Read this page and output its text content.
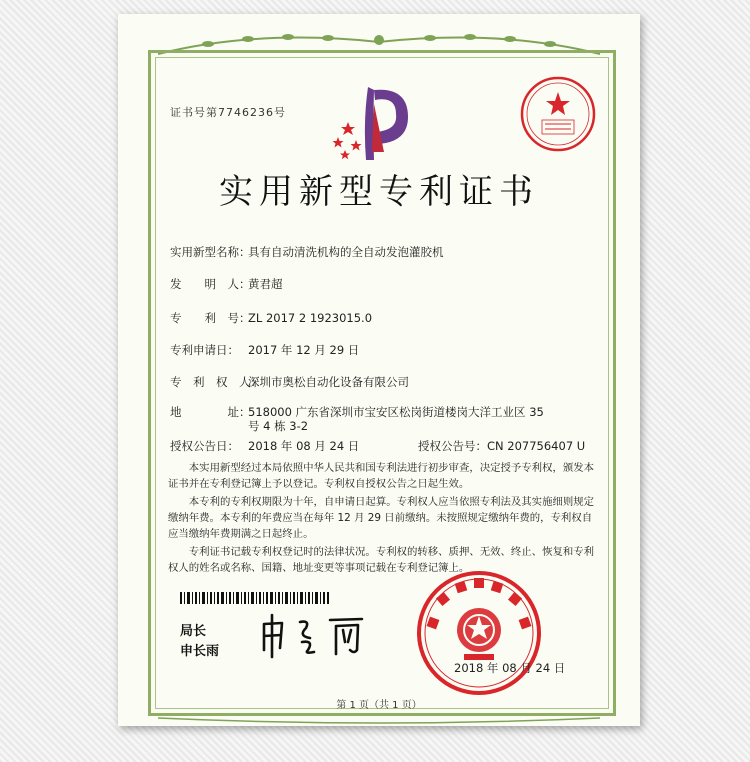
证书号第7746236号
实用新型专利证书
实用新型名称：具有自动清洗机构的全自动发泡灌胶机
发　　明　人：黄君超
专　　利　号：ZL 2017 2 1923015.0
专利申请日： 2017 年 12 月 29 日
专　利　权　人：深圳市奥松自动化设备有限公司
地　　　　址：518000 广东省深圳市宝安区松岗街道楼岗大洋工业区 35
号 4 栋 3-2
授权公告日： 2018 年 08 月 24 日	授权公告号：CN 207756407 U
本实用新型经过本局依照中华人民共和国专利法进行初步审查，决定授予专利权，颁发本证书并在专利登记簿上予以登记。专利权自授权公告之日起生效。
本专利的专利权期限为十年，自申请日起算。专利权人应当依照专利法及其实施细则规定缴纳年费。本专利的年费应当在每年 12 月 29 日前缴纳。未按照规定缴纳年费的，专利权自应当缴纳年费期满之日起终止。
专利证书记载专利权登记时的法律状况。专利权的转移、质押、无效、终止、恢复和专利权人的姓名或名称、国籍、地址变更等事项记载在专利登记簿上。
局长
申长雨
2018 年 08 月 24 日
第 1 页（共 1 页）
